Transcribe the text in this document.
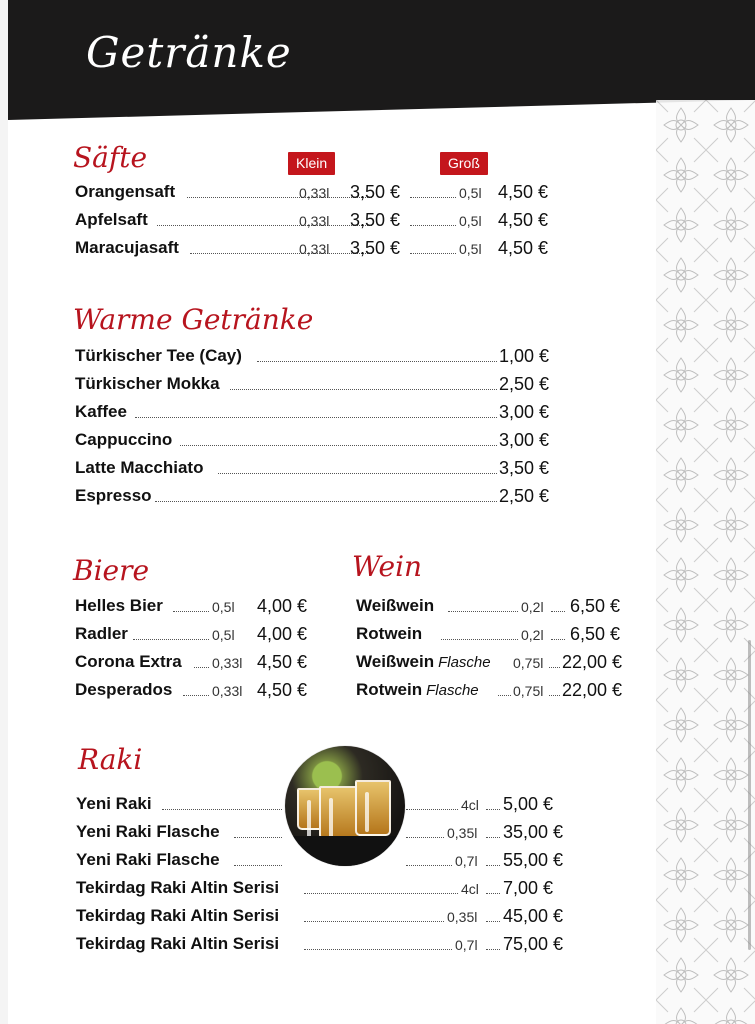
Getränke
Säfte	Klein	Groß
Orangensaft	0,33l 3,50 €	0,5l 4,50 €
Apfelsaft	0,33l 3,50 €	0,5l 4,50 €
Maracujasaft	0,33l 3,50 €	0,5l 4,50 €
Warme Getränke
Türkischer Tee (Cay)	1,00 €
Türkischer Mokka	2,50 €
Kaffee	3,00 €
Cappuccino	3,00 €
Latte Macchiato	3,50 €
Espresso	2,50 €
Biere	Wein
Helles Bier	0,5l 4,00 €
Radler	0,5l 4,00 €
Corona Extra 0,33l 4,50 €
Desperados	0,33l 4,50 €
Weißwein	0,2l 6,50 €
Rotwein	0,2l 6,50 €
Weißwein Flasche 0,75l 22,00 €
Rotwein Flasche 0,75l 22,00 €
Raki
Yeni Raki	4cl 5,00 €
Yeni Raki Flasche	0,35l 35,00 €
Yeni Raki Flasche	0,7l 55,00 €
Tekirdag Raki Altin Serisi	4cl 7,00 €
Tekirdag Raki Altin Serisi	0,35l 45,00 €
Tekirdag Raki Altin Serisi	0,7l 75,00 €
